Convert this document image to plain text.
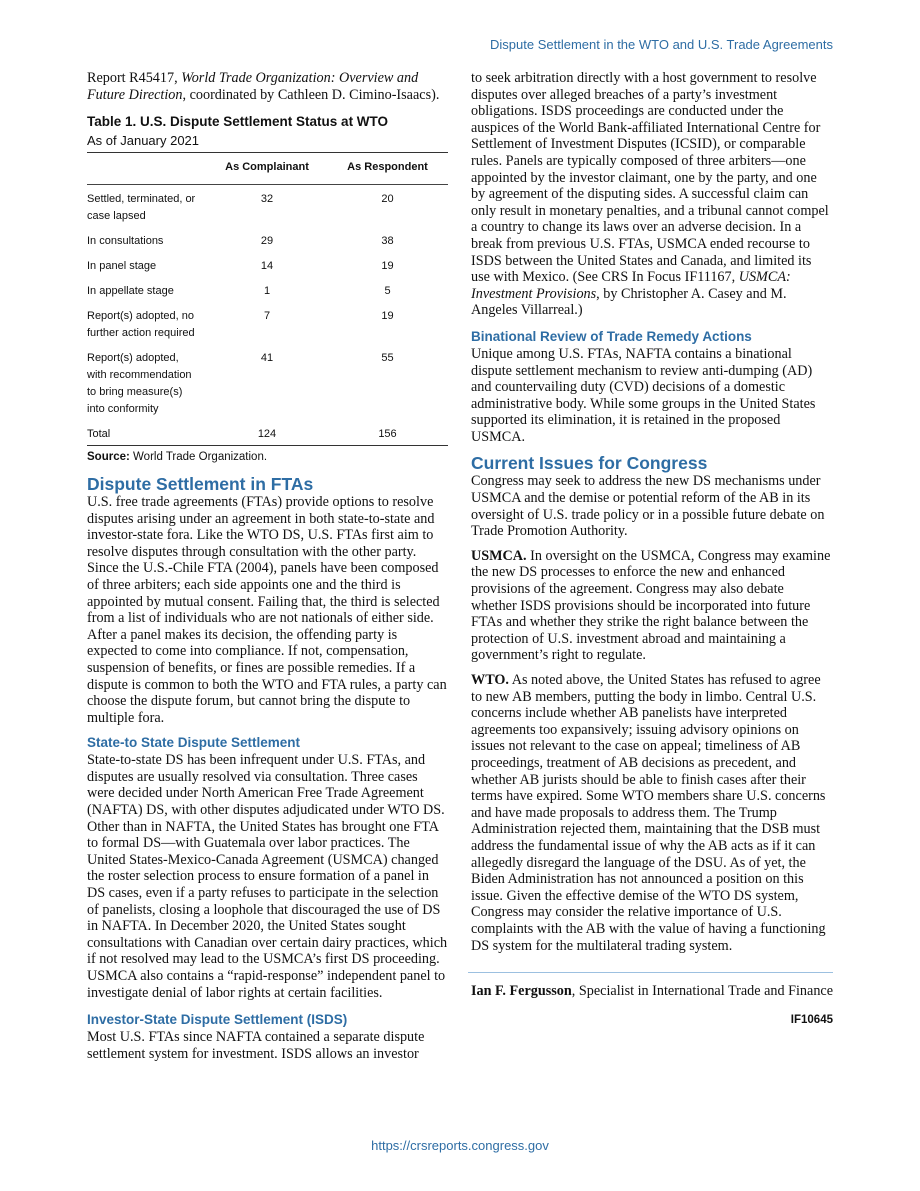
Dispute Settlement in the WTO and U.S. Trade Agreements

Report R45417, World Trade Organization: Overview and Future Direction, coordinated by Cathleen D. Cimino-Isaacs).

Table 1. U.S. Dispute Settlement Status at WTO
As of January 2021
	As Complainant	As Respondent
Settled, terminated, or case lapsed	32	20
In consultations	29	38
In panel stage	14	19
In appellate stage	1	5
Report(s) adopted, no further action required	7	19
Report(s) adopted, with recommendation to bring measure(s) into conformity	41	55
Total	124	156
Source: World Trade Organization.
Dispute Settlement in FTAs

U.S. free trade agreements (FTAs) provide options to resolve disputes arising under an agreement in both state-to-state and investor-state fora. Like the WTO DS, U.S. FTAs first aim to resolve disputes through consultation with the other party. Since the U.S.-Chile FTA (2004), panels have been composed of three arbiters; each side appoints one and the third is appointed by mutual consent. Failing that, the third is selected from a list of individuals who are not nationals of either side. After a panel makes its decision, the offending party is expected to come into compliance. If not, compensation, suspension of benefits, or fines are possible remedies. If a dispute is common to both the WTO and FTA rules, a party can choose the dispute forum, but cannot bring the dispute to multiple fora.

State-to State Dispute Settlement

State-to-state DS has been infrequent under U.S. FTAs, and disputes are usually resolved via consultation. Three cases were decided under North American Free Trade Agreement (NAFTA) DS, with other disputes adjudicated under WTO DS. Other than in NAFTA, the United States has brought one FTA to formal DS—with Guatemala over labor practices. The United States-Mexico-Canada Agreement (USMCA) changed the roster selection process to ensure formation of a panel in DS cases, even if a party refuses to participate in the selection of panelists, closing a loophole that discouraged the use of DS in NAFTA. In December 2020, the United States sought consultations with Canadian over certain dairy practices, which if not resolved may lead to the USMCA’s first DS proceeding. USMCA also contains a “rapid-response” independent panel to investigate denial of labor rights at certain facilities.

Investor-State Dispute Settlement (ISDS)

Most U.S. FTAs since NAFTA contained a separate dispute settlement system for investment. ISDS allows an investor

to seek arbitration directly with a host government to resolve disputes over alleged breaches of a party’s investment obligations. ISDS proceedings are conducted under the auspices of the World Bank-affiliated International Centre for Settlement of Investment Disputes (ICSID), or comparable rules. Panels are typically composed of three arbiters—one appointed by the investor claimant, one by the party, and one by agreement of the disputing sides. A successful claim can only result in monetary penalties, and a tribunal cannot compel a country to change its laws over an adverse decision. In a break from previous U.S. FTAs, USMCA ended recourse to ISDS between the United States and Canada, and limited its use with Mexico. (See CRS In Focus IF11167, USMCA: Investment Provisions, by Christopher A. Casey and M. Angeles Villarreal.)

Binational Review of Trade Remedy Actions

Unique among U.S. FTAs, NAFTA contains a binational dispute settlement mechanism to review anti-dumping (AD) and countervailing duty (CVD) decisions of a domestic administrative body. While some groups in the United States supported its elimination, it is retained in the proposed USMCA.

Current Issues for Congress

Congress may seek to address the new DS mechanisms under USMCA and the demise or potential reform of the AB in its oversight of U.S. trade policy or in a possible future debate on Trade Promotion Authority.

USMCA. In oversight on the USMCA, Congress may examine the new DS processes to enforce the new and enhanced provisions of the agreement. Congress may also debate whether ISDS provisions should be incorporated into future FTAs and whether they strike the right balance between the protection of U.S. investment abroad and maintaining a government’s right to regulate.

WTO. As noted above, the United States has refused to agree to new AB members, putting the body in limbo. Central U.S. concerns include whether AB panelists have interpreted agreements too expansively; issuing advisory opinions on issues not relevant to the case on appeal; timeliness of AB proceedings, treatment of AB decisions as precedent, and whether AB jurists should be able to finish cases after their terms have expired. Some WTO members share U.S. concerns and have made proposals to address them. The Trump Administration rejected them, maintaining that the DSB must address the fundamental issue of why the AB acts as if it can allegedly disregard the language of the DSU. As of yet, the Biden Administration has not announced a position on this issue. Given the effective demise of the WTO DS system, Congress may consider the relative importance of U.S. complaints with the AB with the value of having a functioning DS system for the multilateral trading system.

Ian F. Fergusson, Specialist in International Trade and Finance

IF10645
https://crsreports.congress.gov
